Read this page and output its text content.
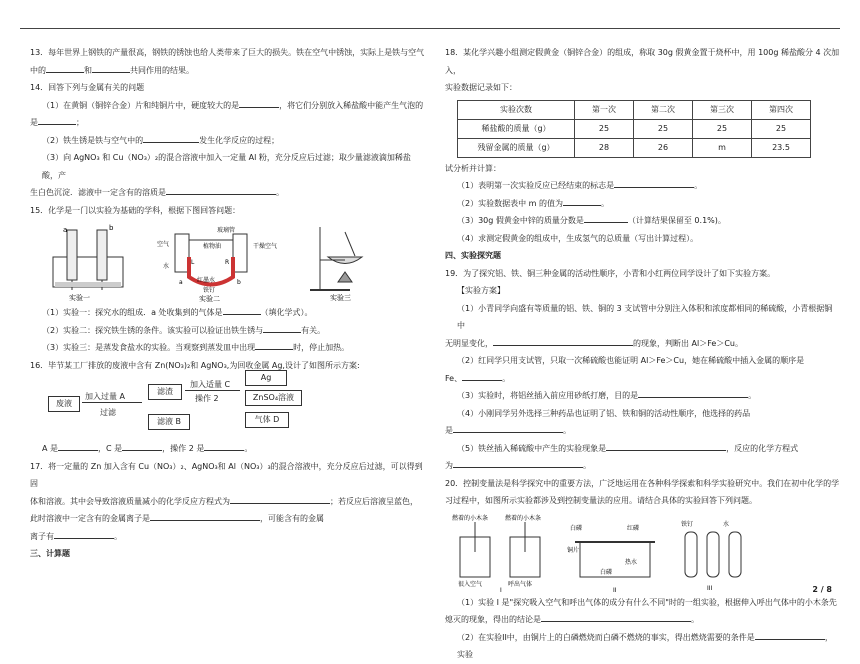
13．每年世界上钢铁的产量很高，钢铁的锈蚀也给人类带来了巨大的损失。铁在空气中锈蚀，实际上是铁与空气

中的	和	共同作用的结果。

14．回答下列与金属有关的问题

（1）在黄铜（铜锌合金）片和纯铜片中，硬度较大的是	，将它们分别放入稀盐酸中能产生气泡的

是	；

（2）铁生锈是铁与空气中的	发生化学反应的过程；

（3）向 AgNO₃ 和 Cu（NO₃）₂的混合溶液中加入一定量 Al 粉，充分反应后过滤；取少量滤液滴加稀盐酸，产

生白色沉淀．滤液中一定含有的溶质是	。

15．化学是一门以实验为基础的学科，根据下图回答问题：

a	b
实验一
玻璃管
植物油
空气	干燥空气
水
L	R
红墨水
a	b
铁钉
实验二	实验三

（1）实验一：探究水的组成．a 处收集到的气体是	（填化学式）。

（2）实验二：探究铁生锈的条件。该实验可以验证出铁生锈与	有关。

（3）实验三：是蒸发食盐水的实验。当观察到蒸发皿中出现	时，停止加热。

16．毕节某工厂排放的废液中含有 Zn(NO₃)₂和 AgNO₃,为回收金属 Ag,设计了如图所示方案:

废液
加入过量 A
过滤
滤渣
滤液 B
加入适量 C
操作 2
Ag
ZnSO₄溶液
气体 D

A 是	，C 是	，操作 2 是	。

17．将一定量的 Zn 加入含有 Cu（NO₃）₂、AgNO₃和 Al（NO₃）₃的混合溶液中，充分反应后过滤，可以得到固

体和溶液。其中会导致溶液质量减小的化学反应方程式为	；若反应后溶液呈蓝色，

此时溶液中一定含有的金属离子是	，可能含有的金属

离子有	。

三、计算题

18．某化学兴趣小组测定假黄金（铜锌合金）的组成，称取 30g 假黄金置于烧杯中，用 100g 稀盐酸分 4 次加入，

实验数据记录如下：

实验次数	第一次	第二次	第三次	第四次
稀盐酸的质量（g）	25	25	25	25
残留金属的质量（g）	28	26	m	23.5

试分析并计算：

（1）表明第一次实验反应已经结束的标志是	。

（2）实验数据表中 m 的值为	。

（3）30g 假黄金中锌的质量分数是	（计算结果保留至 0.1%)。

（4）求测定假黄金的组成中，生成氢气的总质量（写出计算过程）。

四、实验探究题

19．为了探究铝、铁、铜三种金属的活动性顺序，小青和小红两位同学设计了如下实验方案。

【实验方案】

（1）小青同学向盛有等质量的铝、铁、铜的 3 支试管中分别注入体积和浓度都相同的稀硫酸，小青根据铜中

无明显变化，	的现象，判断出 Al＞Fe＞Cu。

（2）红同学只用支试管，只取一次稀硫酸也能证明 Al＞Fe＞Cu，她在稀硫酸中插入金属的顺序是

Fe、	。

（3）实验时，将铝丝插入前应用砂纸打磨，目的是	。

（4）小刚同学另外选择三种药品也证明了铝、铁和铜的活动性顺序，他选择的药品

是	。

（5）铁丝插入稀硫酸中产生的实验现象是	，反应的化学方程式

为	。

20．控制变量法是科学探究中的重要方法，广泛地运用在各种科学探索和科学实验研究中。我们在初中化学的学

习过程中，如图所示实验都涉及到控制变量法的应用。请结合具体的实验回答下列问题。

燃着的小木条	燃着的小木条
很入空气	呼出气体
I
白磷	红磷
铜片
热水
白磷
II
铁钉	水
III

（1）实验 I 是"探究吸入空气和呼出气体的成分有什么不同"时的一组实验，根据伸入呼出气体中的小木条先

熄灭的现象，得出的结论是	。

（2）在实验II中，由铜片上的白磷燃烧而白磷不燃烧的事实，得出燃烧需要的条件是	，实验

2 / 8
